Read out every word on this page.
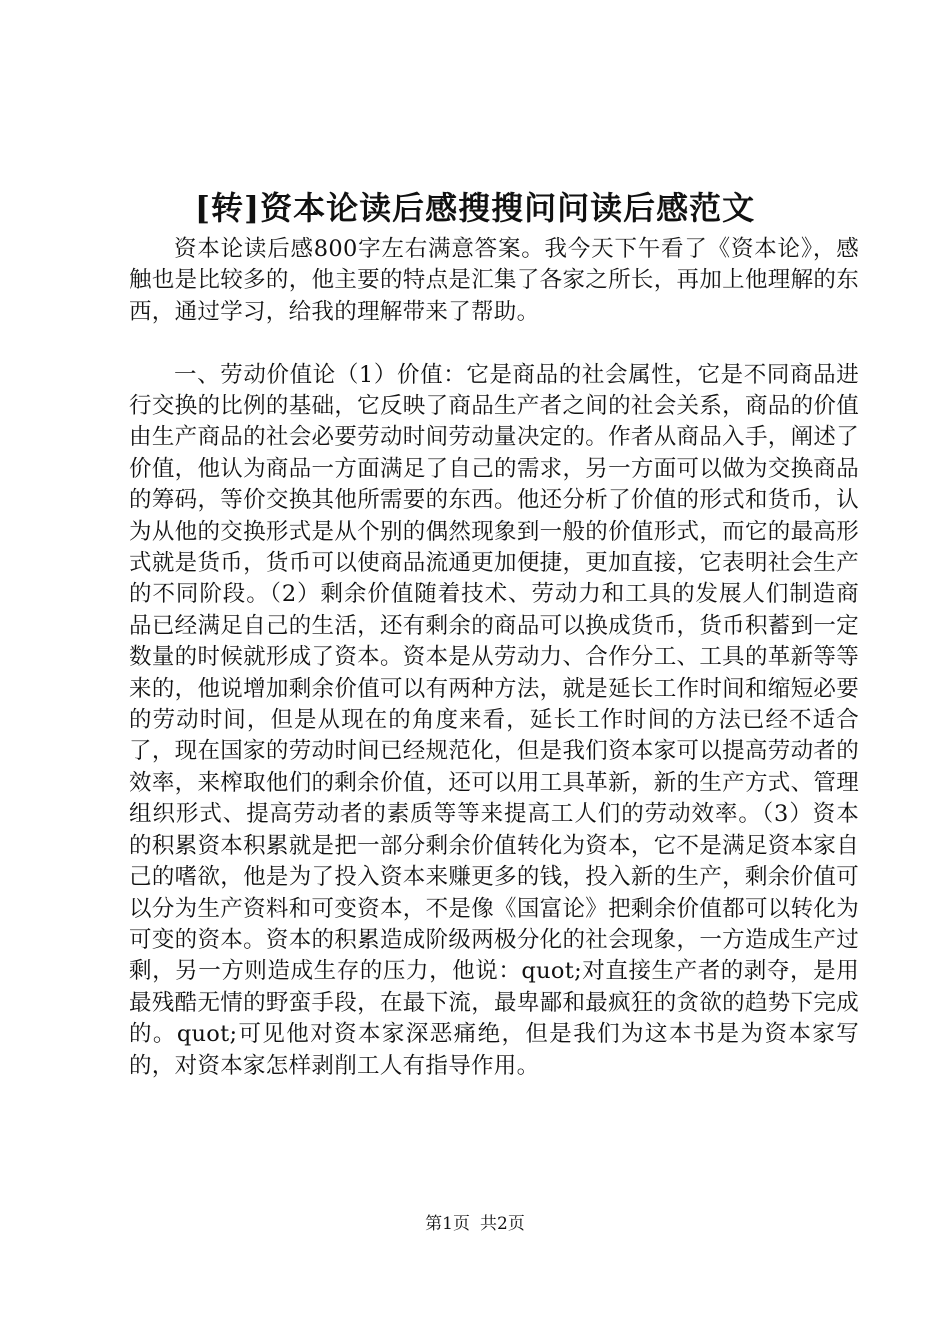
[转]资本论读后感搜搜问问读后感范文

资本论读后感800字左右满意答案。我今天下午看了《资本论》，感触也是比较多的，他主要的特点是汇集了各家之所长，再加上他理解的东西，通过学习，给我的理解带来了帮助。

一、劳动价值论（1）价值：它是商品的社会属性，它是不同商品进行交换的比例的基础，它反映了商品生产者之间的社会关系，商品的价值由生产商品的社会必要劳动时间劳动量决定的。作者从商品入手，阐述了价值，他认为商品一方面满足了自己的需求，另一方面可以做为交换商品的筹码，等价交换其他所需要的东西。他还分析了价值的形式和货币，认为从他的交换形式是从个别的偶然现象到一般的价值形式，而它的最高形式就是货币，货币可以使商品流通更加便捷，更加直接，它表明社会生产的不同阶段。（2）剩余价值随着技术、劳动力和工具的发展人们制造商品已经满足自己的生活，还有剩余的商品可以换成货币，货币积蓄到一定数量的时候就形成了资本。资本是从劳动力、合作分工、工具的革新等等来的，他说增加剩余价值可以有两种方法，就是延长工作时间和缩短必要的劳动时间，但是从现在的角度来看，延长工作时间的方法已经不适合了，现在国家的劳动时间已经规范化，但是我们资本家可以提高劳动者的效率，来榨取他们的剩余价值，还可以用工具革新，新的生产方式、管理组织形式、提高劳动者的素质等等来提高工人们的劳动效率。（3）资本的积累资本积累就是把一部分剩余价值转化为资本，它不是满足资本家自己的嗜欲，他是为了投入资本来赚更多的钱，投入新的生产，剩余价值可以分为生产资料和可变资本，不是像《国富论》把剩余价值都可以转化为可变的资本。资本的积累造成阶级两极分化的社会现象，一方造成生产过剩，另一方则造成生存的压力，他说：quot;对直接生产者的剥夺，是用最残酷无情的野蛮手段，在最下流，最卑鄙和最疯狂的贪欲的趋势下完成的。quot;可见他对资本家深恶痛绝，但是我们为这本书是为资本家写的，对资本家怎样剥削工人有指导作用。

第1页 共2页
